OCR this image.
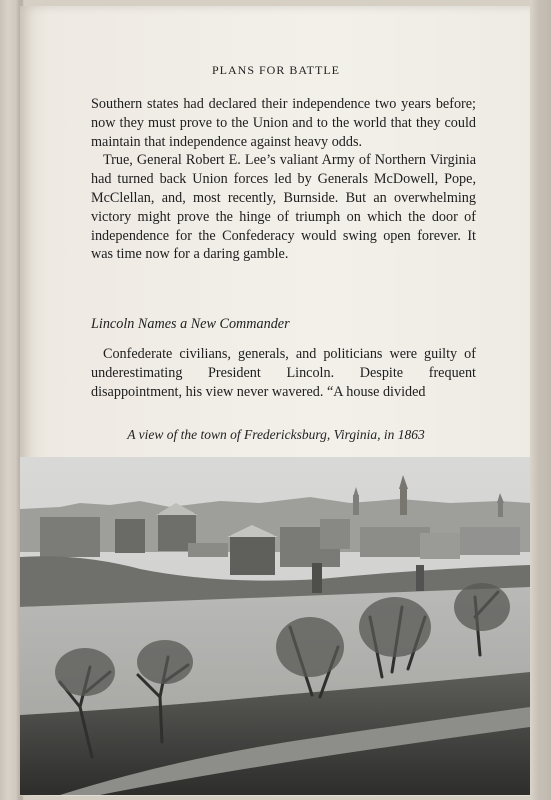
PLANS FOR BATTLE

Southern states had declared their independence two years before; now they must prove to the Union and to the world that they could maintain that independence against heavy odds.

True, General Robert E. Lee’s valiant Army of Northern Virginia had turned back Union forces led by Generals McDowell, Pope, McClellan, and, most recently, Burnside. But an overwhelming victory might prove the hinge of triumph on which the door of independence for the Confederacy would swing open forever. It was time now for a daring gamble.

Lincoln Names a New Commander

Confederate civilians, generals, and politicians were guilty of underestimating President Lincoln. Despite frequent disappointment, his view never wavered. “A house divided

A view of the town of Fredericksburg, Virginia, in 1863
